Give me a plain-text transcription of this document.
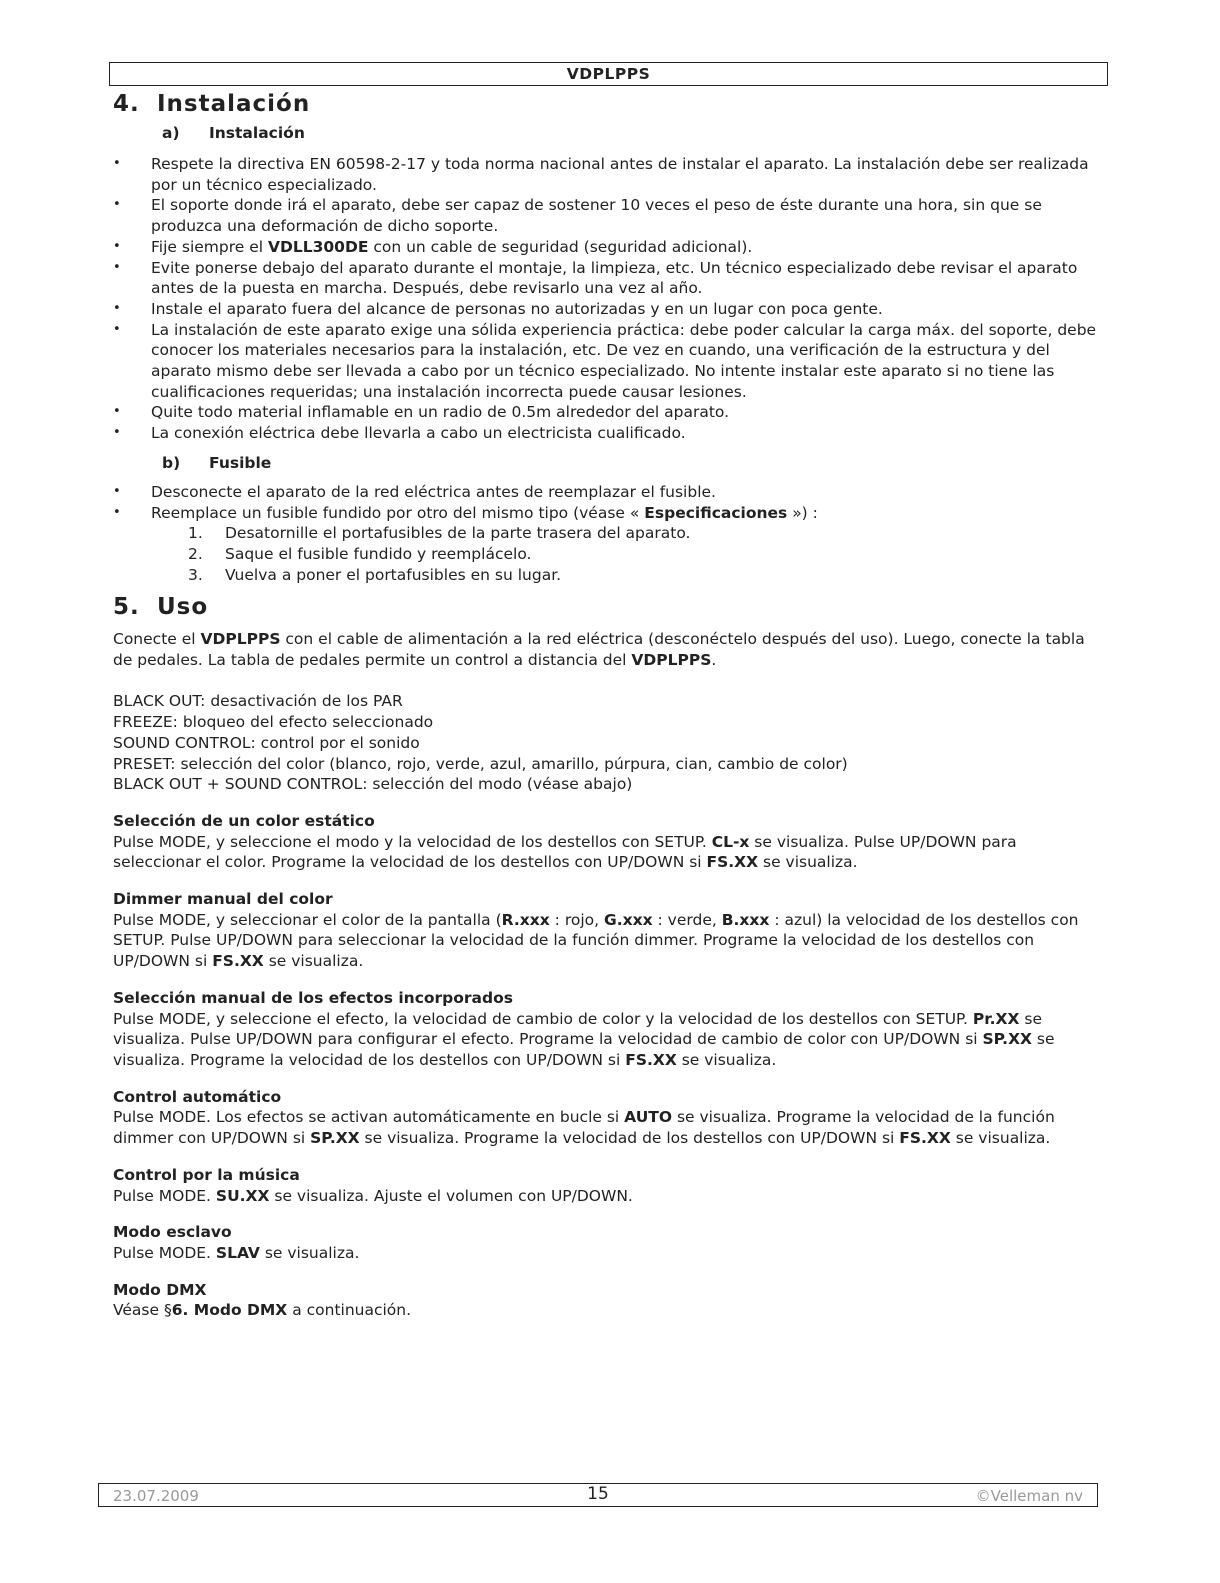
VDPLPPS
4. Instalación
a) Instalación
• Respete la directiva EN 60598-2-17 y toda norma nacional antes de instalar el aparato. La instalación debe ser realizada por un técnico especializado.
• El soporte donde irá el aparato, debe ser capaz de sostener 10 veces el peso de éste durante una hora, sin que se produzca una deformación de dicho soporte.
• Fije siempre el VDLL300DE con un cable de seguridad (seguridad adicional).
• Evite ponerse debajo del aparato durante el montaje, la limpieza, etc. Un técnico especializado debe revisar el aparato antes de la puesta en marcha. Después, debe revisarlo una vez al año.
• Instale el aparato fuera del alcance de personas no autorizadas y en un lugar con poca gente.
• La instalación de este aparato exige una sólida experiencia práctica: debe poder calcular la carga máx. del soporte, debe conocer los materiales necesarios para la instalación, etc. De vez en cuando, una verificación de la estructura y del aparato mismo debe ser llevada a cabo por un técnico especializado. No intente instalar este aparato si no tiene las cualificaciones requeridas; una instalación incorrecta puede causar lesiones.
• Quite todo material inflamable en un radio de 0.5m alrededor del aparato.
• La conexión eléctrica debe llevarla a cabo un electricista cualificado.
b) Fusible
• Desconecte el aparato de la red eléctrica antes de reemplazar el fusible.
• Reemplace un fusible fundido por otro del mismo tipo (véase « Especificaciones ») :
1. Desatornille el portafusibles de la parte trasera del aparato.
2. Saque el fusible fundido y reemplácelo.
3. Vuelva a poner el portafusibles en su lugar.
5. Uso

Conecte el VDPLPPS con el cable de alimentación a la red eléctrica (desconéctelo después del uso). Luego, conecte la tabla de pedales. La tabla de pedales permite un control a distancia del VDPLPPS.

BLACK OUT: desactivación de los PAR

FREEZE: bloqueo del efecto seleccionado

SOUND CONTROL: control por el sonido

PRESET: selección del color (blanco, rojo, verde, azul, amarillo, púrpura, cian, cambio de color)

BLACK OUT + SOUND CONTROL: selección del modo (véase abajo)

Selección de un color estático

Pulse MODE, y seleccione el modo y la velocidad de los destellos con SETUP. CL-x se visualiza. Pulse UP/DOWN para seleccionar el color. Programe la velocidad de los destellos con UP/DOWN si FS.XX se visualiza.

Dimmer manual del color

Pulse MODE, y seleccionar el color de la pantalla (R.xxx : rojo, G.xxx : verde, B.xxx : azul) la velocidad de los destellos con SETUP. Pulse UP/DOWN para seleccionar la velocidad de la función dimmer. Programe la velocidad de los destellos con UP/DOWN si FS.XX se visualiza.

Selección manual de los efectos incorporados

Pulse MODE, y seleccione el efecto, la velocidad de cambio de color y la velocidad de los destellos con SETUP. Pr.XX se visualiza. Pulse UP/DOWN para configurar el efecto. Programe la velocidad de cambio de color con UP/DOWN si SP.XX se visualiza. Programe la velocidad de los destellos con UP/DOWN si FS.XX se visualiza.

Control automático

Pulse MODE. Los efectos se activan automáticamente en bucle si AUTO se visualiza. Programe la velocidad de la función dimmer con UP/DOWN si SP.XX se visualiza. Programe la velocidad de los destellos con UP/DOWN si FS.XX se visualiza.

Control por la música

Pulse MODE. SU.XX se visualiza. Ajuste el volumen con UP/DOWN.

Modo esclavo

Pulse MODE. SLAV se visualiza.

Modo DMX

Véase §6. Modo DMX a continuación.

23.07.2009	15	©Velleman nv
